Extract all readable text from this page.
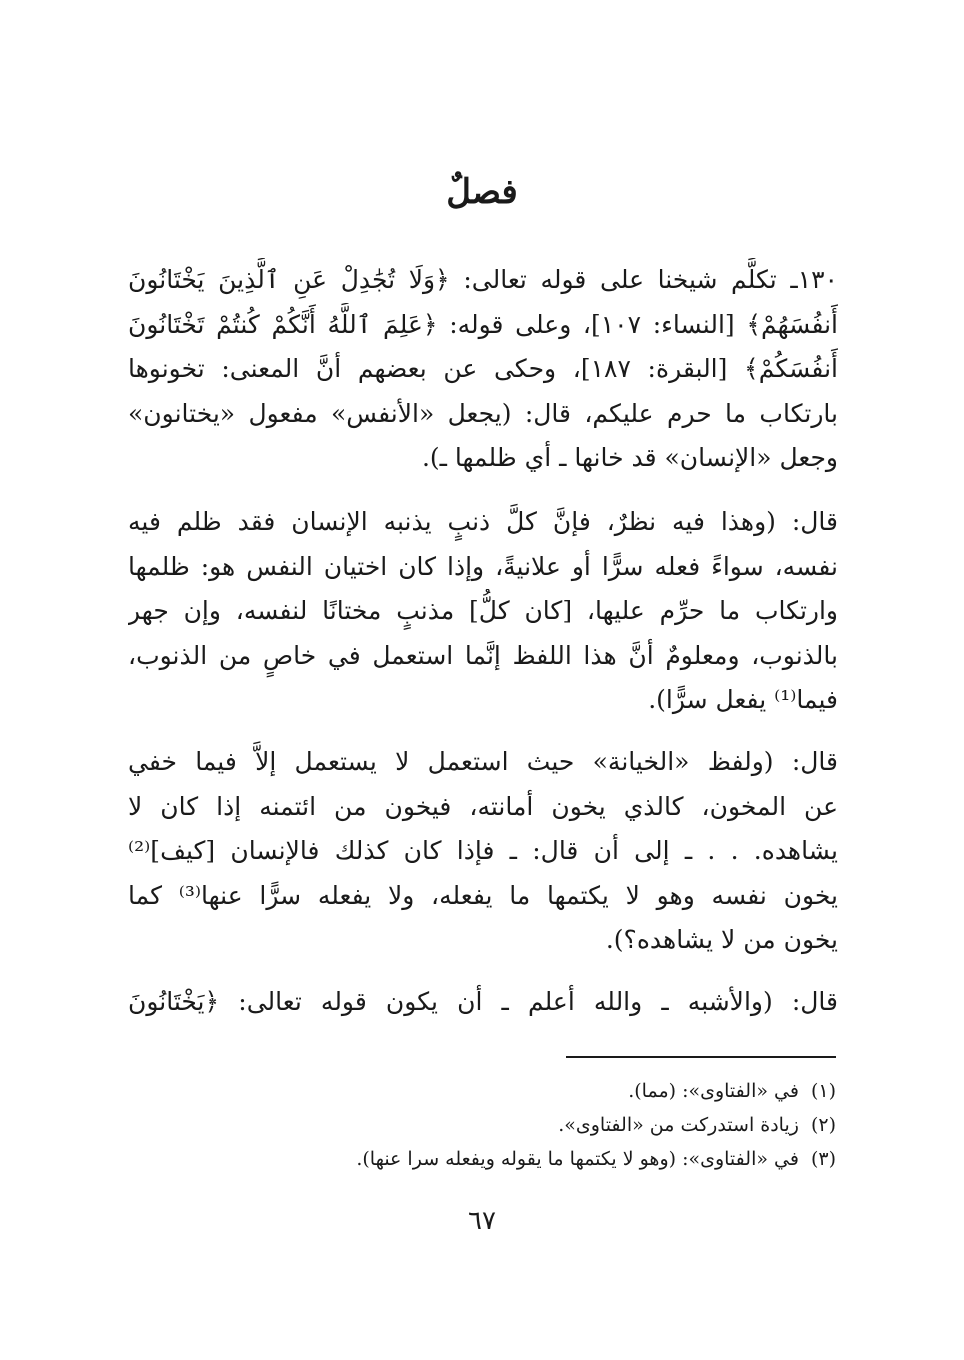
فصلٌ
١٣٠ـ تكلَّم شيخنا على قوله تعالى: ﴿وَلَا تُجَٰدِلْ عَنِ ٱلَّذِينَ يَخْتَانُونَ
أَنفُسَهُمْ﴾ [النساء: ١٠٧]، وعلى قوله: ﴿عَلِمَ ٱللَّهُ أَنَّكُمْ كُنتُمْ تَخْتَانُونَ
أَنفُسَكُمْ﴾ [البقرة: ١٨٧]، وحكى عن بعضهم أنَّ المعنى: تخونوها
بارتكاب ما حرم عليكم، قال: (يجعل «الأنفس» مفعول «يختانون»
وجعل «الإنسان» قد خانها ـ أي ظلمها ـ).
قال: (وهذا فيه نظرٌ، فإنَّ كلَّ ذنبٍ يذنبه الإنسان فقد ظلم فيه
نفسه، سواءً فعله سرًّا أو علانيةً، وإذا كان اختيان النفس هو: ظلمها
وارتكاب ما حرِّم عليها، [كان كلُّ] مذنبٍ مختانًا لنفسه، وإن جهر
بالذنوب، ومعلومٌ أنَّ هذا اللفظ إنَّما استعمل في خاصٍ من الذنوب،
فيما⁽¹⁾ يفعل سرًّا).
قال: (ولفظ «الخيانة» حيث استعمل لا يستعمل إلاَّ فيما خفي
عن المخون، كالذي يخون أمانته، فيخون من ائتمنه إذا كان لا
يشاهده. . . ـ إلى أن قال: ـ فإذا كان كذلك فالإنسان [كيف]⁽²⁾
يخون نفسه وهو لا يكتمها ما يفعله، ولا يفعله سرًّا عنها⁽³⁾ كما
يخون من لا يشاهده؟).
قال: (والأشبه ـ والله أعلم ـ أن يكون قوله تعالى: ﴿يَخْتَانُونَ
(١)في «الفتاوى»: (مما).
(٢)زيادة استدركت من «الفتاوى».
(٣)في «الفتاوى»: (وهو لا يكتمها ما يقوله ويفعله سرا عنها).
٦٧
